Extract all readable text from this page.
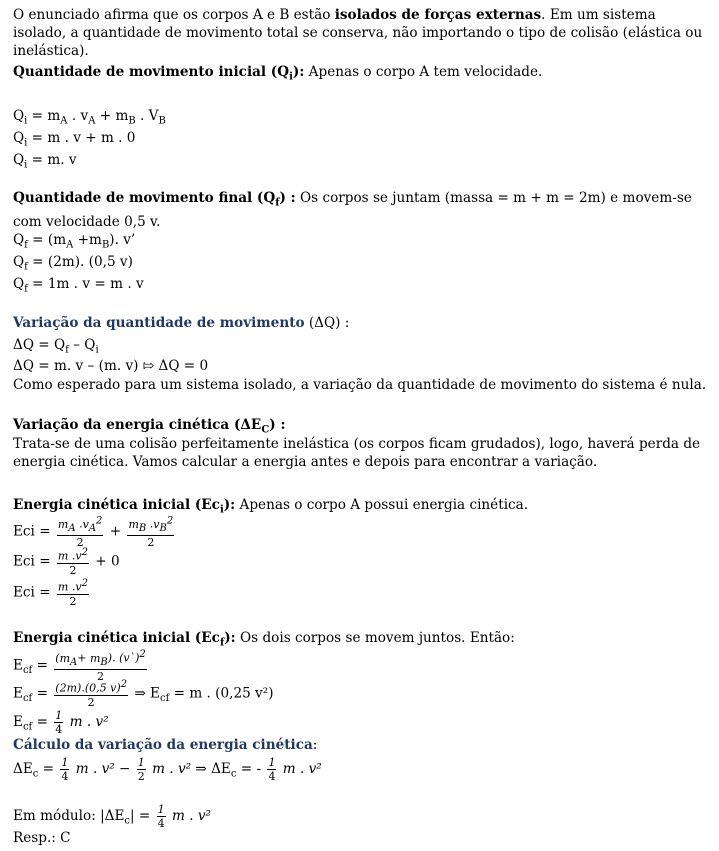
O enunciado afirma que os corpos A e B estão isolados de forças externas. Em um sistema isolado, a quantidade de movimento total se conserva, não importando o tipo de colisão (elástica ou inelástica).
Quantidade de movimento inicial $(Q_i)$: Apenas o corpo A tem velocidade.
$Q_i = m_A$ . $v_A + m_B$ . $V_B$
$Q_i = m$ . v + m . 0
$Q_i = m$. v
Quantidade de movimento final $(Q_f)$ : Os corpos se juntam (massa = m + m = 2m) e movem-se com velocidade 0,5 v.
$Q_f = (m_A +m_B)$. v’
$Q_f = (2m)$. (0,5 v)
$Q_f = 1m$ . v = m . v
Variação da quantidade de movimento (ΔQ) :
$\Delta Q = Q_f - Q_i$
ΔQ = m. v – (m. v) ⇰ ΔQ = 0
Como esperado para um sistema isolado, a variação da quantidade de movimento do sistema é nula.
Variação da energia cinética $(\Delta E_C)$ :
Trata-se de uma colisão perfeitamente inelástica (os corpos ficam grudados), logo, haverá perda de energia cinética. Vamos calcular a energia antes e depois para encontrar a variação.
Energia cinética inicial $(Ec_i)$: Apenas o corpo A possui energia cinética.
Eci = $\frac{m_A .v_A^2}{2} + \frac{m_B .v_B^2}{2}$
Eci = $\frac{m .v^2}{2} + 0$
Eci = $\frac{m .v^2}{2}$
Energia cinética inicial $(Ec_f)$: Os dois corpos se movem juntos. Então:
$E_{cf} = \frac{(m_A+ m_B). (v`)^2}{2}$
$E_{cf} = \frac{(2m).(0,5 v)^2}{2}$ ⇒ $E_{cf} = m$ . (0,25 v²)
$E_{cf} = \frac{1}{4}$ m . v²
Cálculo da variação da energia cinética:
$\Delta E_c = \frac{1}{4}$ m . $v^2 - \frac{1}{2}$ m . v² ⇒ $\Delta E_c$ = - $\frac{1}{4}$ m . v²
Em módulo: $|\Delta E_c| = \frac{1}{4}$ m . v²
Resp.: C
